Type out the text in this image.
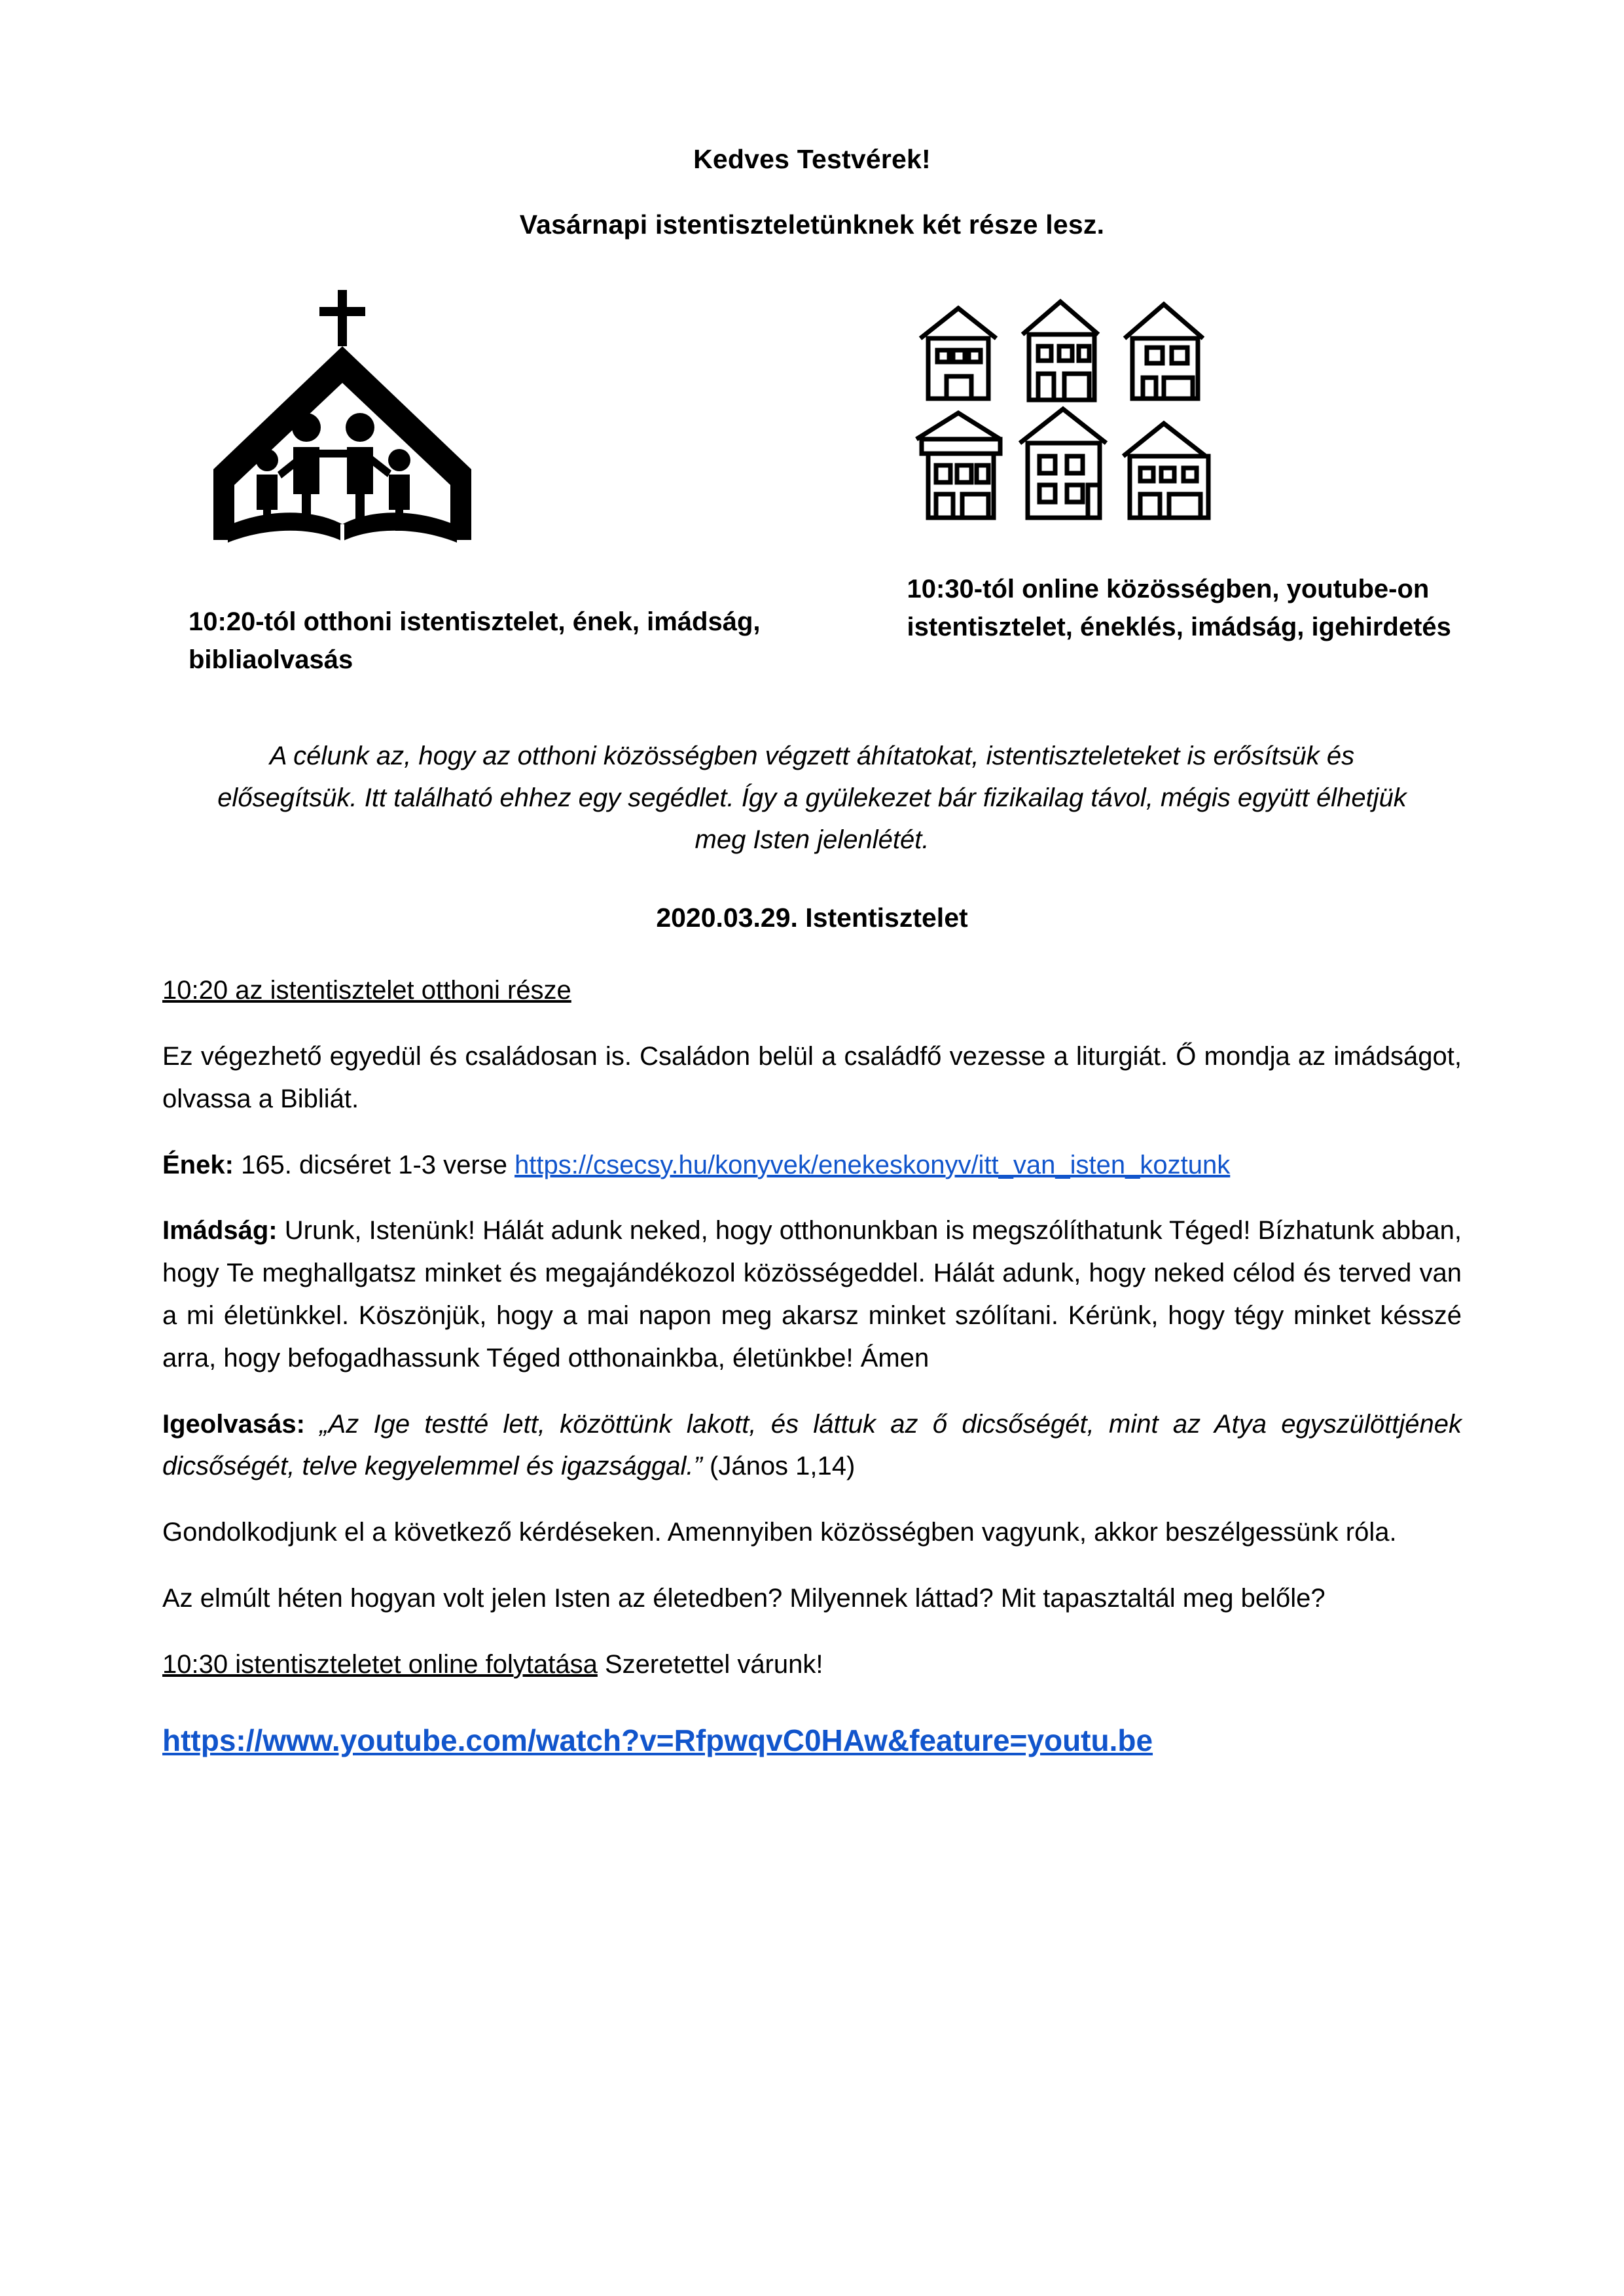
Kedves Testvérek!
Vasárnapi istentiszteletünknek két része lesz.
10:20-tól otthoni istentisztelet, ének, imádság, bibliaolvasás
10:30-tól online közösségben, youtube-on istentisztelet, éneklés, imádság, igehirdetés
A célunk az, hogy az otthoni közösségben végzett áhítatokat, istentiszteleteket is erősítsük és elősegítsük. Itt található ehhez egy segédlet. Így a gyülekezet bár fizikailag távol, mégis együtt élhetjük meg Isten jelenlétét.
2020.03.29. Istentisztelet

10:20 az istentisztelet otthoni része

Ez végezhető egyedül és családosan is. Családon belül a családfő vezesse a liturgiát. Ő mondja az imádságot, olvassa a Bibliát.

Ének: 165. dicséret 1-3 verse https://csecsy.hu/konyvek/enekeskonyv/itt_van_isten_koztunk

Imádság: Urunk, Istenünk! Hálát adunk neked, hogy otthonunkban is megszólíthatunk Téged! Bízhatunk abban, hogy Te meghallgatsz minket és megajándékozol közösségeddel. Hálát adunk, hogy neked célod és terved van a mi életünkkel. Köszönjük, hogy a mai napon meg akarsz minket szólítani. Kérünk, hogy tégy minket késszé arra, hogy befogadhassunk Téged otthonainkba, életünkbe! Ámen

Igeolvasás: „Az Ige testté lett, közöttünk lakott, és láttuk az ő dicsőségét, mint az Atya egyszülöttjének dicsőségét, telve kegyelemmel és igazsággal.” (János 1,14)

Gondolkodjunk el a következő kérdéseken. Amennyiben közösségben vagyunk, akkor beszélgessünk róla.

Az elmúlt héten hogyan volt jelen Isten az életedben? Milyennek láttad? Mit tapasztaltál meg belőle?

10:30 istentiszteletet online folytatása Szeretettel várunk!

https://www.youtube.com/watch?v=RfpwqvC0HAw&feature=youtu.be
